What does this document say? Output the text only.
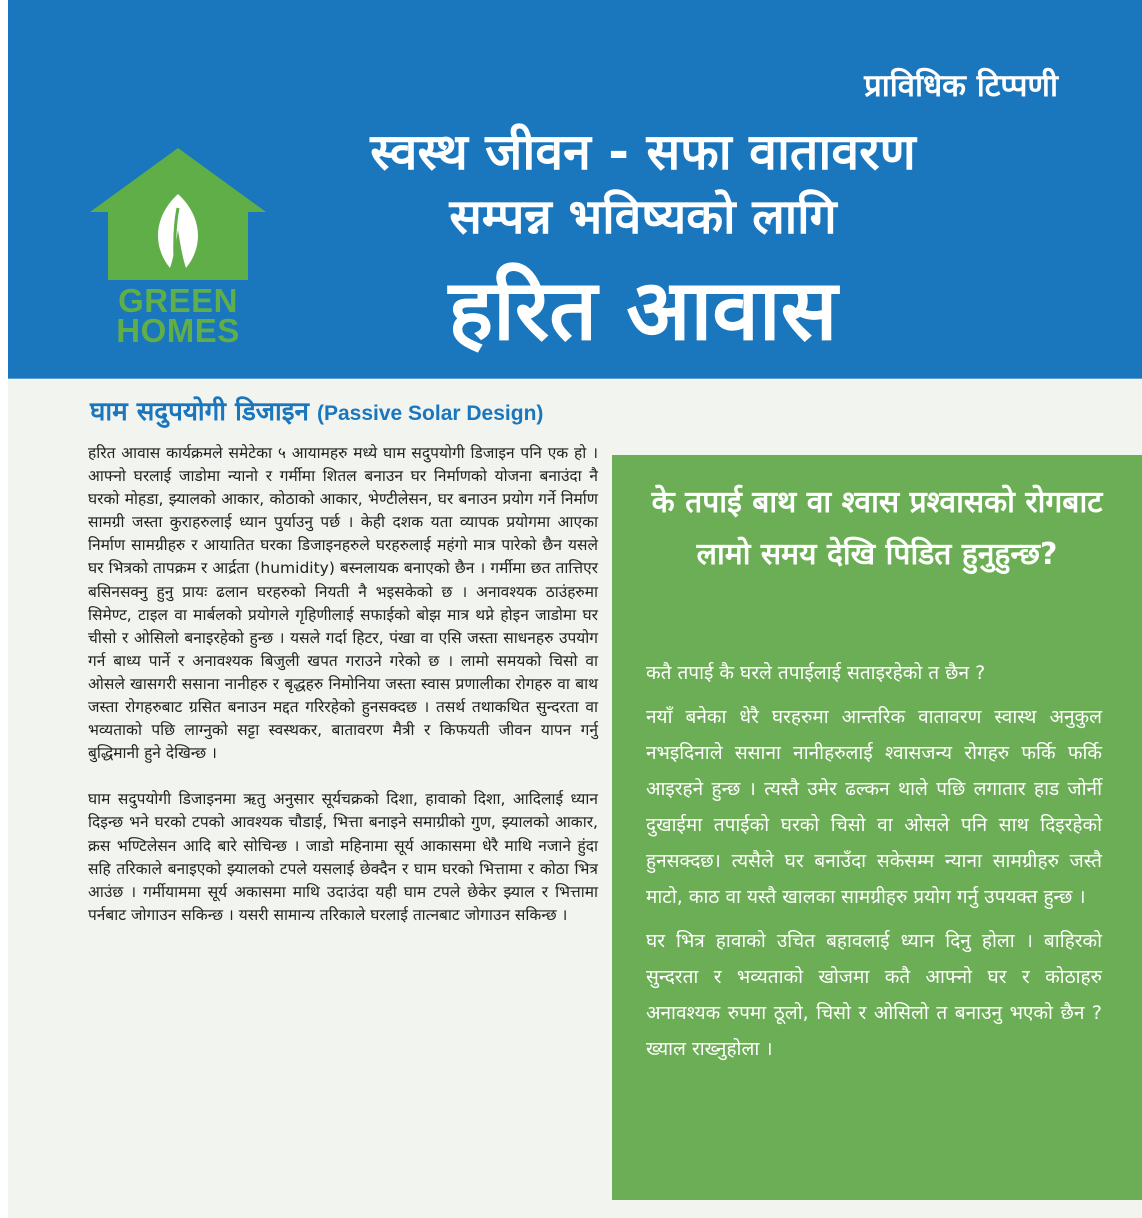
प्राविधिक टिप्पणी
GREEN
HOMES
स्वस्थ जीवन - सफा वातावरण
सम्पन्न भविष्यको लागि
हरित आवास
घाम सदुपयोगी डिजाइन (Passive Solar Design)

हरित आवास कार्यक्रमले समेटेका ५ आयामहरु मध्ये घाम सदुपयोगी डिजाइन पनि एक हो । आफ्नो घरलाई जाडोमा न्यानो र गर्मीमा शितल बनाउन घर निर्माणको योजना बनाउंदा नै घरको मोहडा, झ्यालको आकार, कोठाको आकार, भेण्टीलेसन, घर बनाउन प्रयोग गर्ने निर्माण सामग्री जस्ता कुराहरुलाई ध्यान पुर्याउनु पर्छ । केही दशक यता व्यापक प्रयोगमा आएका निर्माण सामग्रीहरु र आयातित घरका डिजाइनहरुले घरहरुलाई महंगो मात्र पारेको छैन यसले घर भित्रको तापक्रम र आर्द्रता (humidity) बस्नलायक बनाएको छैन । गर्मीमा छत तात्तिएर बसिनसक्नु हुनु प्रायः ढलान घरहरुको नियती नै भइसकेको छ । अनावश्यक ठाउंहरुमा सिमेण्ट, टाइल वा मार्बलको प्रयोगले गृहिणीलाई सफाईको बोझ मात्र थप्ने होइन जाडोमा घर चीसो र ओसिलो बनाइरहेको हुन्छ । यसले गर्दा हिटर, पंखा वा एसि जस्ता साधनहरु उपयोग गर्न बाध्य पार्ने र अनावश्यक बिजुली खपत गराउने गरेको छ । लामो समयको चिसो वा ओसले खासगरी ससाना नानीहरु र बृद्धहरु निमोनिया जस्ता स्वास प्रणालीका रोगहरु वा बाथ जस्ता रोगहरुबाट ग्रसित बनाउन मद्दत गरिरहेको हुनसक्दछ । तसर्थ तथाकथित सुन्दरता वा भव्यताको पछि लाग्नुको सट्टा स्वस्थकर, बातावरण मैत्री र किफयती जीवन यापन गर्नु बुद्धिमानी हुने देखिन्छ ।

घाम सदुपयोगी डिजाइनमा ऋतु अनुसार सूर्यचक्रको दिशा, हावाको दिशा, आदिलाई ध्यान दिइन्छ भने घरको टपको आवश्यक चौडाई, भित्ता बनाइने समाग्रीको गुण, झ्यालको आकार, क्रस भण्टिलेसन आदि बारे सोचिन्छ । जाडो महिनामा सूर्य आकासमा धेरै माथि नजाने हुंदा सहि तरिकाले बनाइएको झ्यालको टपले यसलाई छेक्दैन र घाम घरको भित्तामा र कोठा भित्र आउंछ । गर्मीयाममा सूर्य अकासमा माथि उदाउंदा यही घाम टपले छेकेर झ्याल र भित्तामा पर्नबाट जोगाउन सकिन्छ । यसरी सामान्य तरिकाले घरलाई तात्नबाट जोगाउन सकिन्छ ।

के तपाई बाथ वा श्वास प्रश्वासको रोगबाट लामो समय देखि पिडित हुनुहुन्छ?

कतै तपाई कै घरले तपाईलाई सताइरहेको त छैन ?

नयाँ बनेका धेरै घरहरुमा आन्तरिक वातावरण स्वास्थ अनुकुल नभइदिनाले ससाना नानीहरुलाई श्वासजन्य रोगहरु फर्कि फर्कि आइरहने हुन्छ । त्यस्तै उमेर ढल्कन थाले पछि लगातार हाड जोर्नी दुखाईमा तपाईको घरको चिसो वा ओसले पनि साथ दिइरहेको हुनसक्दछ। त्यसैले घर बनाउँदा सकेसम्म न्याना सामग्रीहरु जस्तै माटो, काठ वा यस्तै खालका सामग्रीहरु प्रयोग गर्नु उपयक्त हुन्छ ।

घर भित्र हावाको उचित बहावलाई ध्यान दिनु होला । बाहिरको सुन्दरता र भव्यताको खोजमा कतै आफ्नो घर र कोठाहरु अनावश्यक रुपमा ठूलो, चिसो र ओसिलो त बनाउनु भएको छैन ? ख्याल राख्नुहोला ।
